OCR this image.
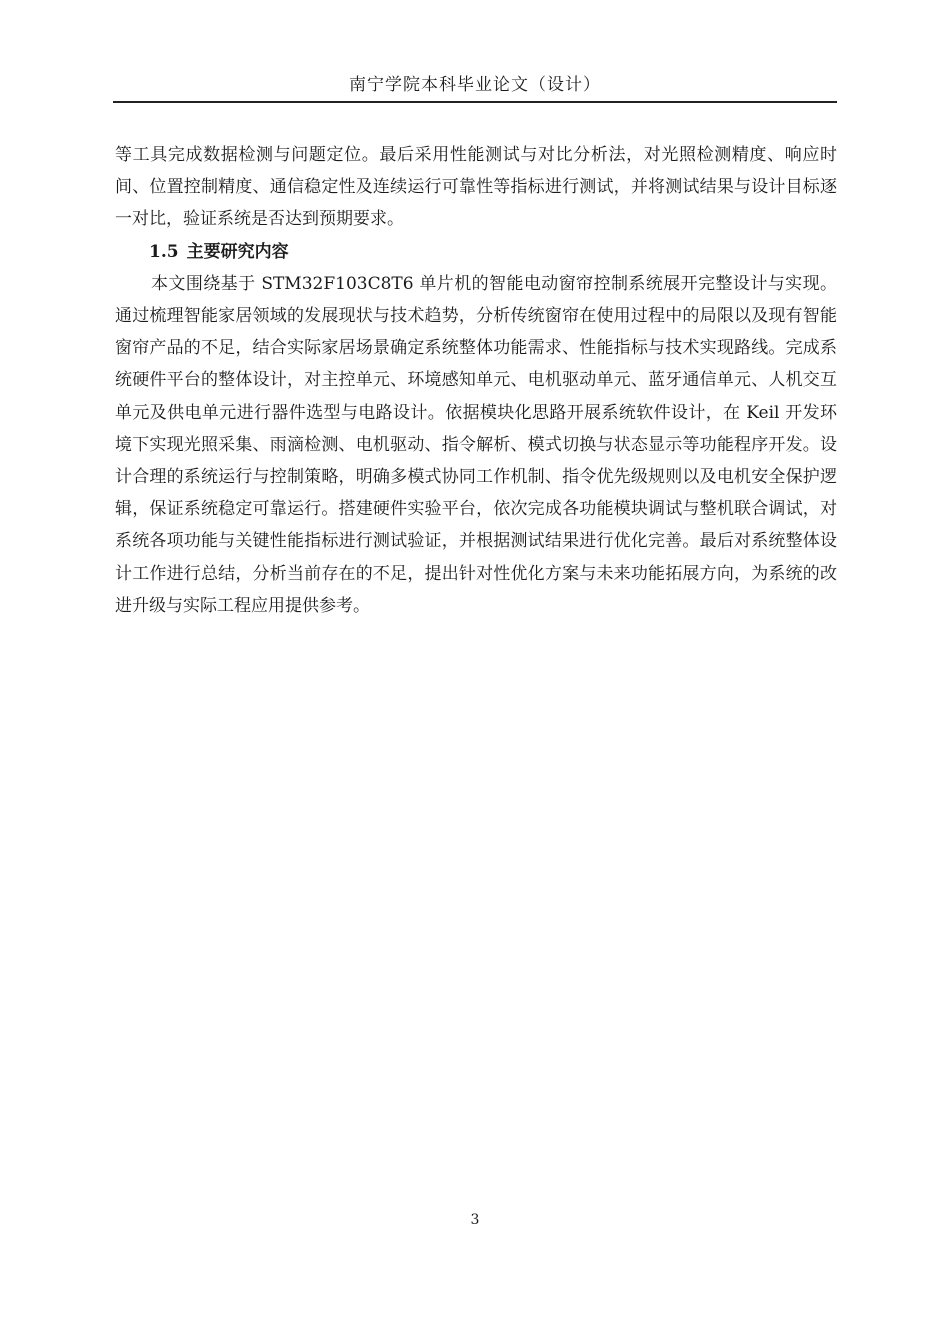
南宁学院本科毕业论文（设计）

等工具完成数据检测与问题定位。最后采用性能测试与对比分析法，对光照检测精度、响应时间、位置控制精度、通信稳定性及连续运行可靠性等指标进行测试，并将测试结果与设计目标逐一对比，验证系统是否达到预期要求。

1.5 主要研究内容

本文围绕基于 STM32F103C8T6 单片机的智能电动窗帘控制系统展开完整设计与实现。通过梳理智能家居领域的发展现状与技术趋势，分析传统窗帘在使用过程中的局限以及现有智能窗帘产品的不足，结合实际家居场景确定系统整体功能需求、性能指标与技术实现路线。完成系统硬件平台的整体设计，对主控单元、环境感知单元、电机驱动单元、蓝牙通信单元、人机交互单元及供电单元进行器件选型与电路设计。依据模块化思路开展系统软件设计，在 Keil 开发环境下实现光照采集、雨滴检测、电机驱动、指令解析、模式切换与状态显示等功能程序开发。设计合理的系统运行与控制策略，明确多模式协同工作机制、指令优先级规则以及电机安全保护逻辑，保证系统稳定可靠运行。搭建硬件实验平台，依次完成各功能模块调试与整机联合调试，对系统各项功能与关键性能指标进行测试验证，并根据测试结果进行优化完善。最后对系统整体设计工作进行总结，分析当前存在的不足，提出针对性优化方案与未来功能拓展方向，为系统的改进升级与实际工程应用提供参考。

3
